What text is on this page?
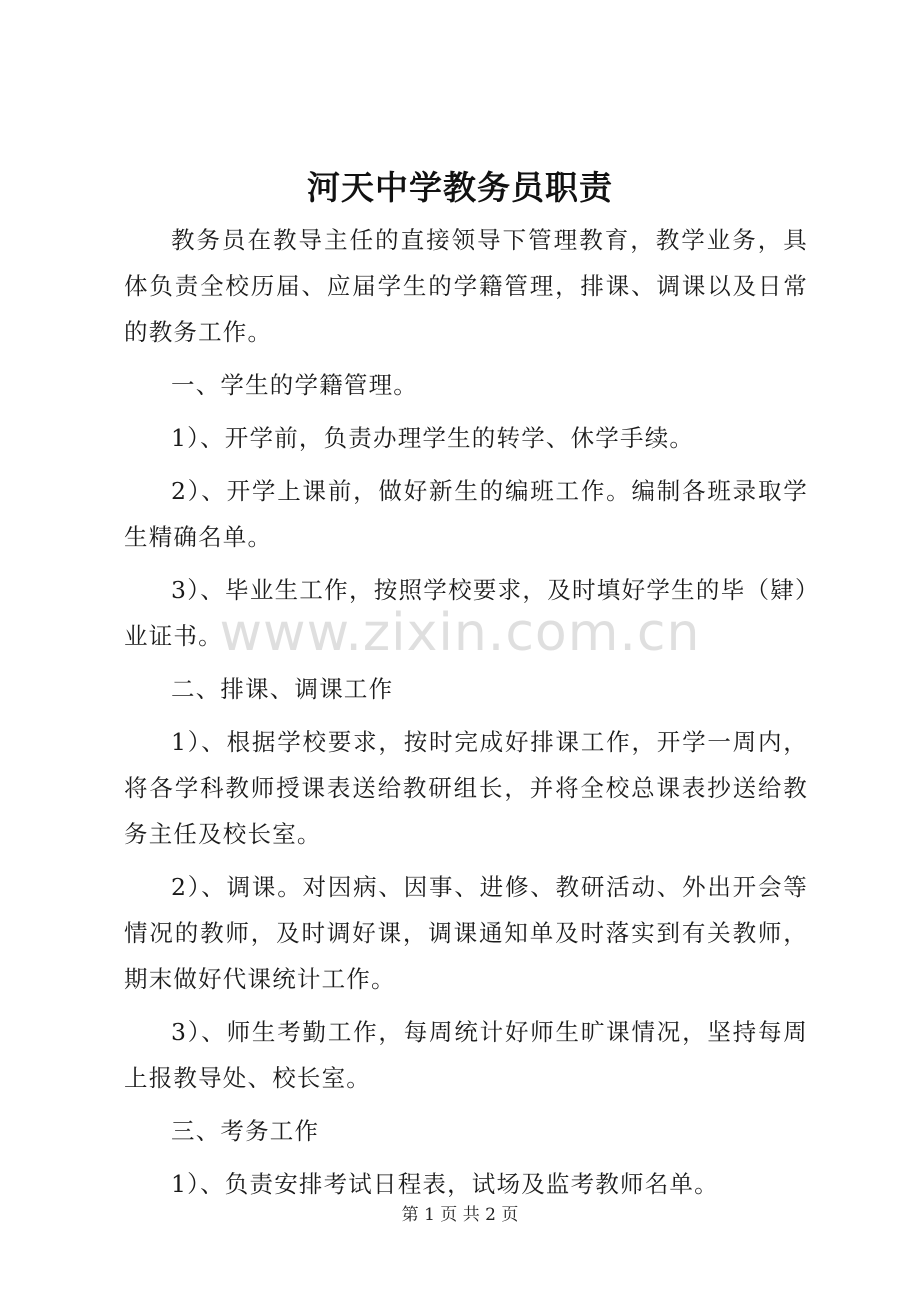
河天中学教务员职责

教务员在教导主任的直接领导下管理教育，教学业务，具体负责全校历届、应届学生的学籍管理，排课、调课以及日常的教务工作。

一、学生的学籍管理。

1）、开学前，负责办理学生的转学、休学手续。

2）、开学上课前，做好新生的编班工作。编制各班录取学生精确名单。

3）、毕业生工作，按照学校要求，及时填好学生的毕（肄）业证书。

二、排课、调课工作

1）、根据学校要求，按时完成好排课工作，开学一周内，将各学科教师授课表送给教研组长，并将全校总课表抄送给教务主任及校长室。

2）、调课。对因病、因事、进修、教研活动、外出开会等情况的教师，及时调好课，调课通知单及时落实到有关教师，期末做好代课统计工作。

3）、师生考勤工作，每周统计好师生旷课情况，坚持每周上报教导处、校长室。

三、考务工作

1）、负责安排考试日程表，试场及监考教师名单。

www.zixin.com.cn
第 1 页 共 2 页
